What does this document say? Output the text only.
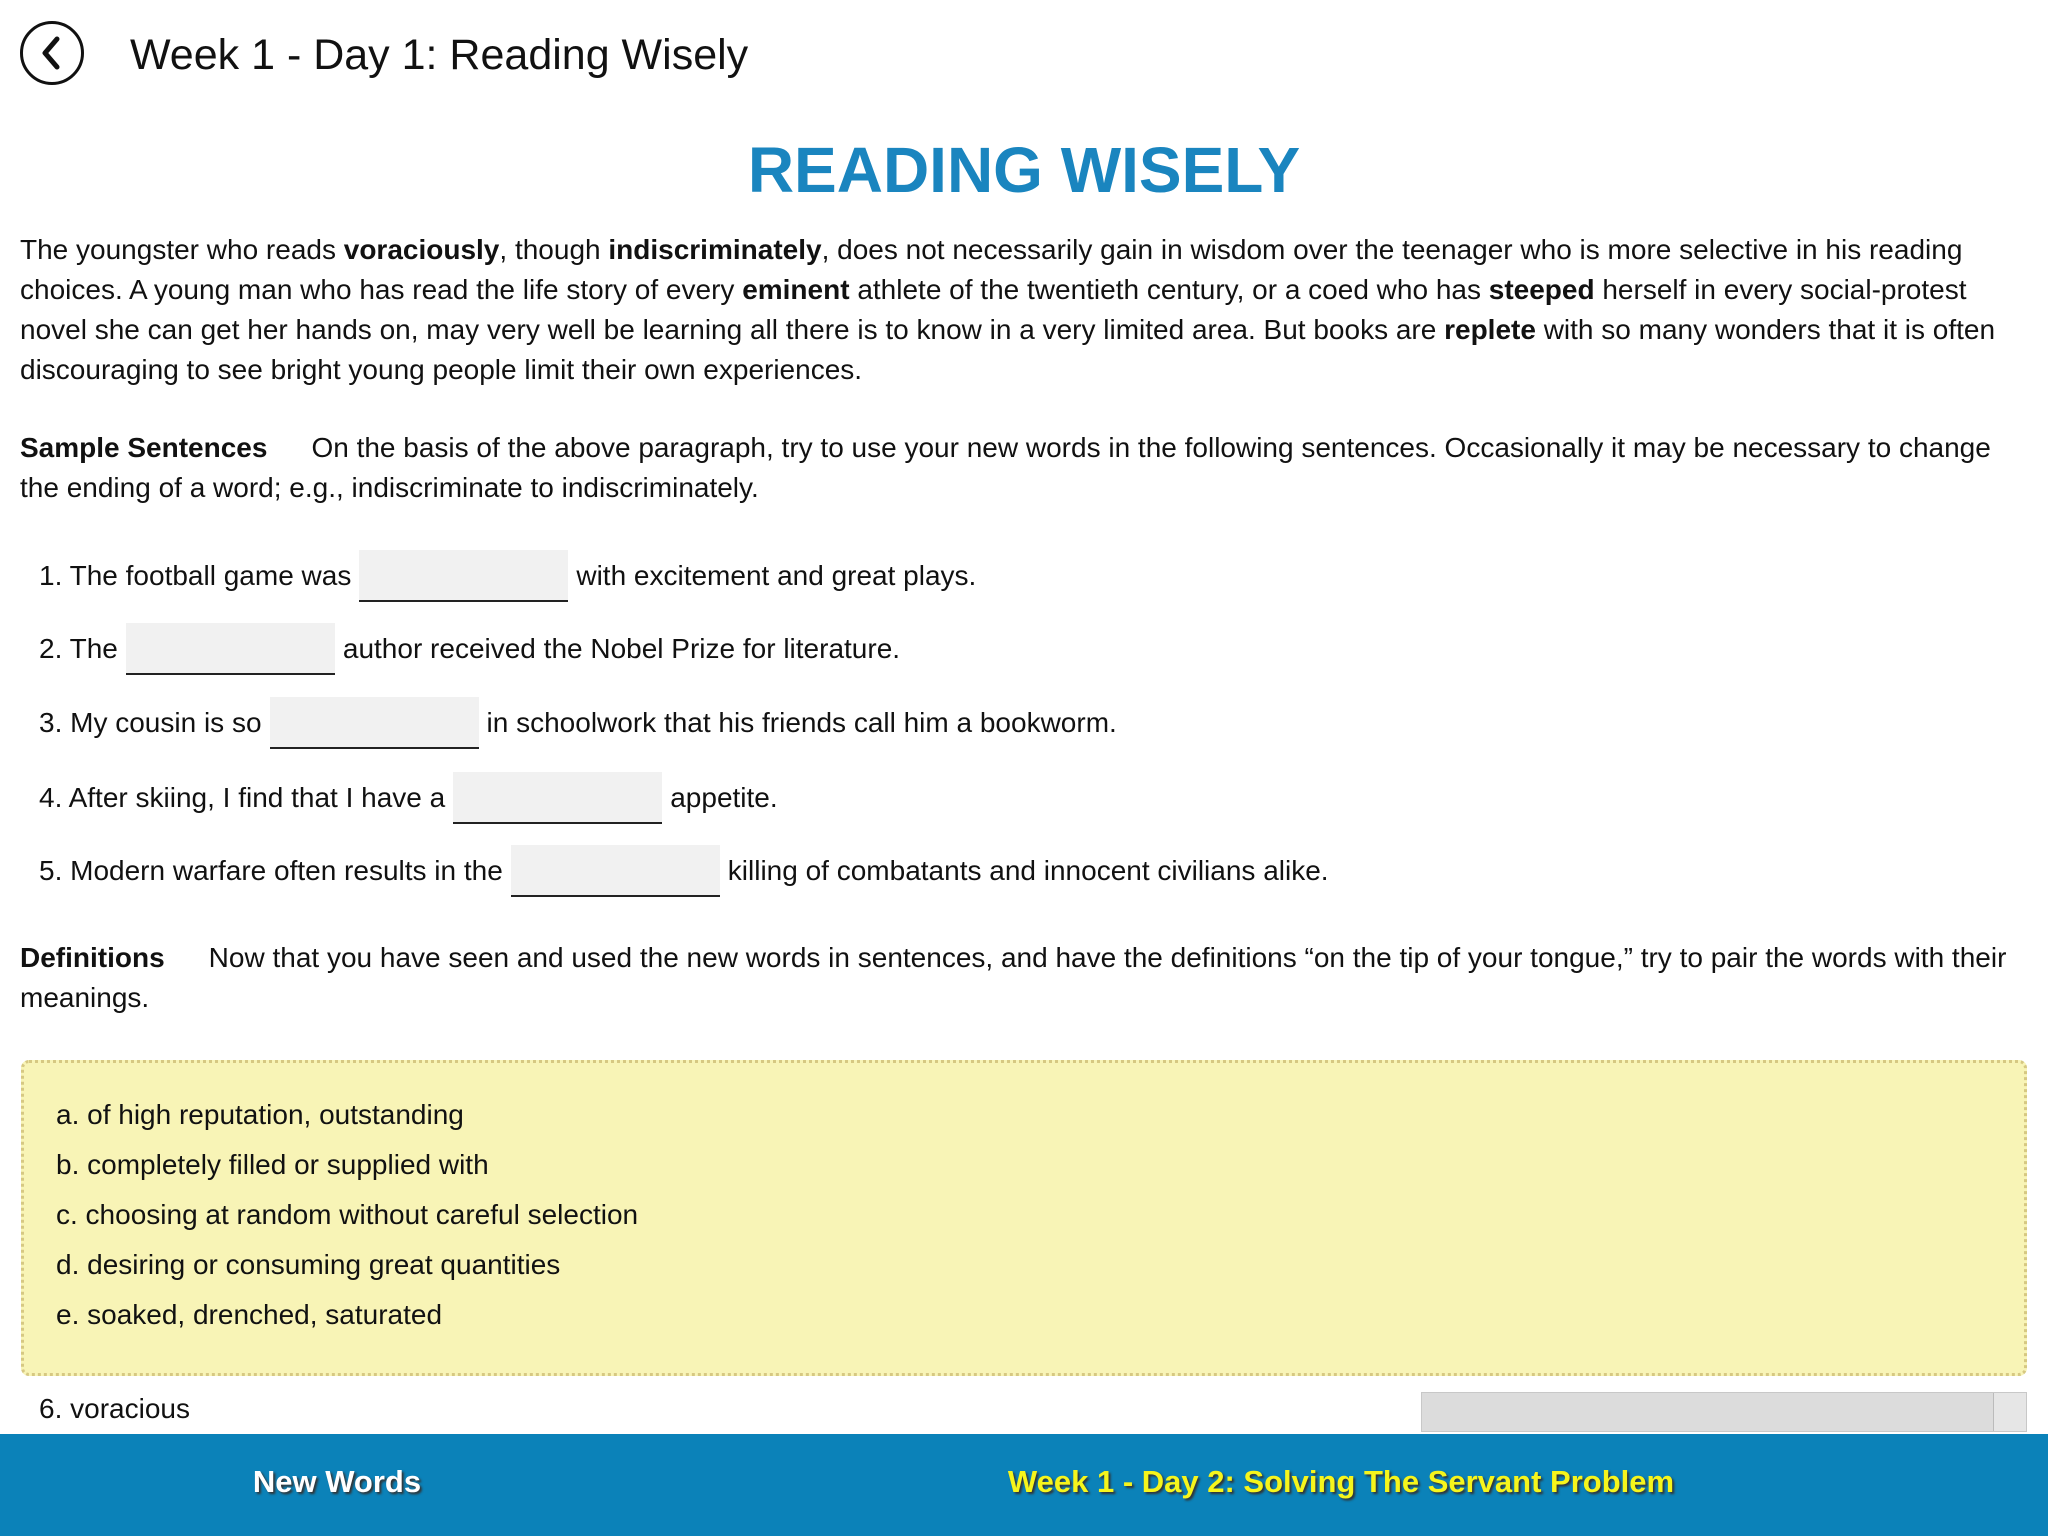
Week 1 - Day 1: Reading Wisely
READING WISELY
The youngster who reads voraciously, though indiscriminately, does not necessarily gain in wisdom over the teenager who is more selective in his reading choices. A young man who has read the life story of every eminent athlete of the twentieth century, or a coed who has steeped herself in every social-protest novel she can get her hands on, may very well be learning all there is to know in a very limited area. But books are replete with so many wonders that it is often discouraging to see bright young people limit their own experiences.
Sample Sentences On the basis of the above paragraph, try to use your new words in the following sentences. Occasionally it may be necessary to change the ending of a word; e.g., indiscriminate to indiscriminately.
1. The football game was	with excitement and great plays.
2. The	author received the Nobel Prize for literature.
3. My cousin is so	in schoolwork that his friends call him a bookworm.
4. After skiing, I find that I have a	appetite.
5. Modern warfare often results in the	killing of combatants and innocent civilians alike.
Definitions Now that you have seen and used the new words in sentences, and have the definitions “on the tip of your tongue,” try to pair the words with their meanings.
a. of high reputation, outstanding
b. completely filled or supplied with
c. choosing at random without careful selection
d. desiring or consuming great quantities
e. soaked, drenched, saturated
6. voracious
New Words	Week 1 - Day 2: Solving The Servant Problem
